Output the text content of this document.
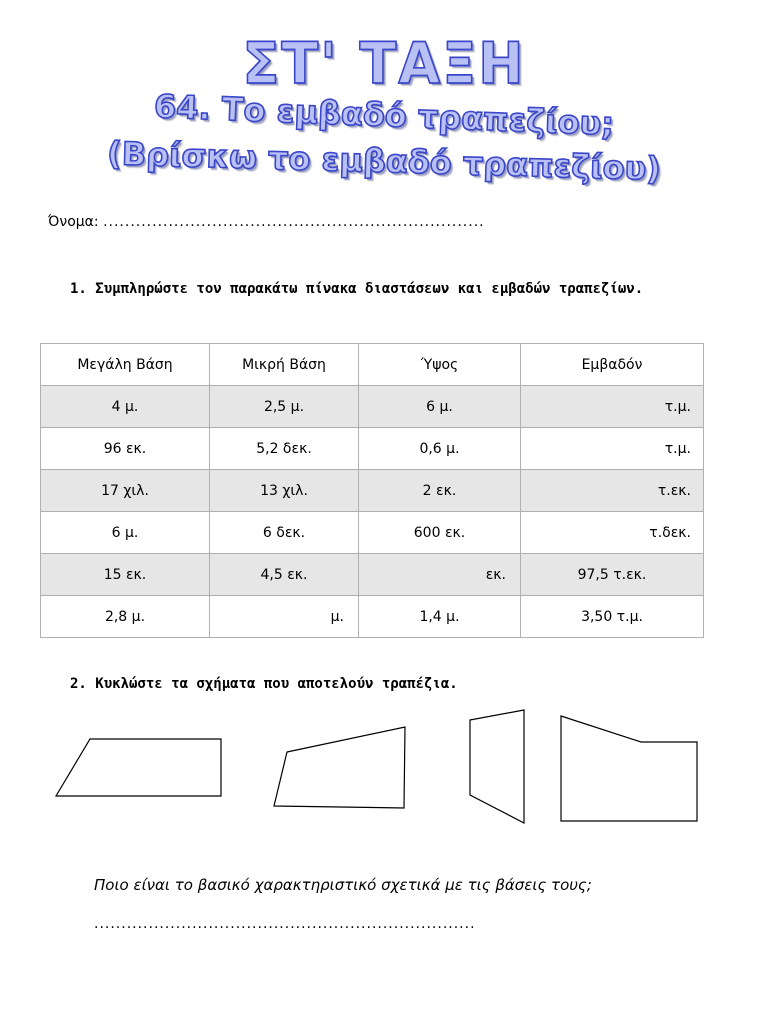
ΣΤ' ΤΑΞΗ
64. Το εμβαδό τραπεζίου;
(Βρίσκω το εμβαδό τραπεζίου)
Όνομα: ......................................................................
1. Συμπληρώστε τον παρακάτω πίνακα διαστάσεων και εμβαδών τραπεζίων.
Μεγάλη Βάση	Μικρή Βάση	Ύψος	Εμβαδόν
4 μ.	2,5 μ.	6 μ.	τ.μ.
96 εκ.	5,2 δεκ.	0,6 μ.	τ.μ.
17 χιλ.	13 χιλ.	2 εκ.	τ.εκ.
6 μ.	6 δεκ.	600 εκ.	τ.δεκ.
15 εκ.	4,5 εκ.	εκ.	97,5 τ.εκ.
2,8 μ.	μ.	1,4 μ.	3,50 τ.μ.
2. Κυκλώστε τα σχήματα που αποτελούν τραπέζια.
Ποιο είναι το βασικό χαρακτηριστικό σχετικά με τις βάσεις τους;
......................................................................
